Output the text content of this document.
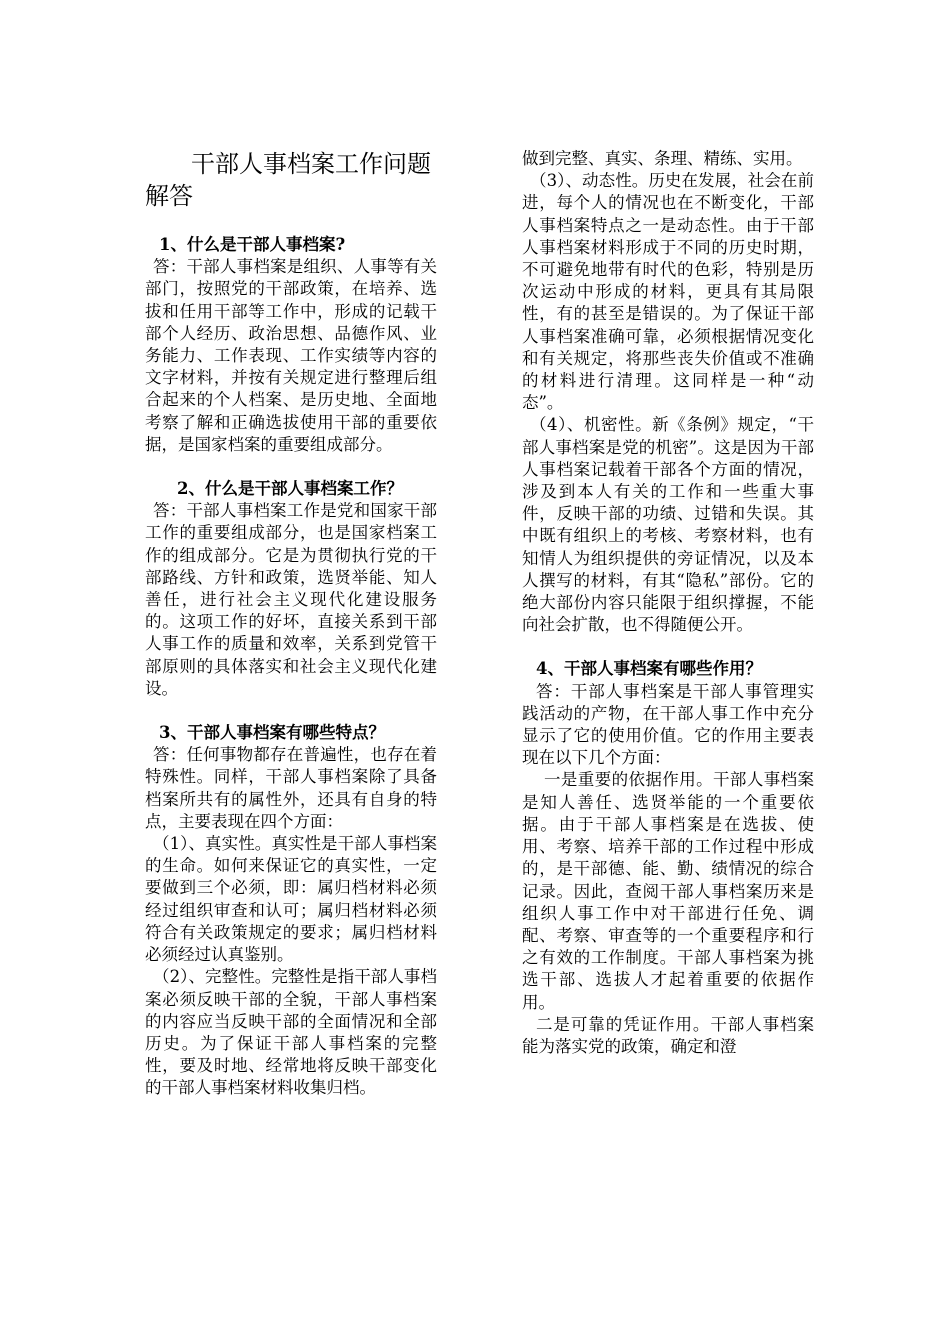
干部人事档案工作问题解答

1、什么是干部人事档案?

答：干部人事档案是组织、人事等有关部门，按照党的干部政策，在培养、选拔和任用干部等工作中，形成的记载干部个人经历、政治思想、品德作风、业务能力、工作表现、工作实绩等内容的文字材料，并按有关规定进行整理后组合起来的个人档案、是历史地、全面地考察了解和正确选拔使用干部的重要依据，是国家档案的重要组成部分。

2、什么是干部人事档案工作？

答：干部人事档案工作是党和国家干部工作的重要组成部分，也是国家档案工作的组成部分。它是为贯彻执行党的干部路线、方针和政策，选贤举能、知人善任，进行社会主义现代化建设服务的。这项工作的好坏，直接关系到干部人事工作的质量和效率，关系到党管干部原则的具体落实和社会主义现代化建设。

3、干部人事档案有哪些特点？

答：任何事物都存在普遍性，也存在着特殊性。同样，干部人事档案除了具备档案所共有的属性外，还具有自身的特点，主要表现在四个方面：

（1）、真实性。真实性是干部人事档案的生命。如何来保证它的真实性，一定要做到三个必须，即：属归档材料必须经过组织审查和认可；属归档材料必须符合有关政策规定的要求；属归档材料必须经过认真鉴别。

（2）、完整性。完整性是指干部人事档案必须反映干部的全貌，干部人事档案的内容应当反映干部的全面情况和全部历史。为了保证干部人事档案的完整性，要及时地、经常地将反映干部变化的干部人事档案材料收集归档。

做到完整、真实、条理、精练、实用。

（3）、动态性。历史在发展，社会在前进，每个人的情况也在不断变化，干部人事档案特点之一是动态性。由于干部人事档案材料形成于不同的历史时期，不可避免地带有时代的色彩，特别是历次运动中形成的材料，更具有其局限性，有的甚至是错误的。为了保证干部人事档案准确可靠，必须根据情况变化和有关规定，将那些丧失价值或不准确的材料进行清理。这同样是一种“动态”。

（4）、机密性。新《条例》规定，“干部人事档案是党的机密”。这是因为干部人事档案记载着干部各个方面的情况，涉及到本人有关的工作和一些重大事件，反映干部的功绩、过错和失误。其中既有组织上的考核、考察材料，也有知情人为组织提供的旁证情况，以及本人撰写的材料，有其“隐私”部份。它的绝大部份内容只能限于组织撑握，不能向社会扩散，也不得随便公开。

4、干部人事档案有哪些作用？

答：干部人事档案是干部人事管理实践活动的产物，在干部人事工作中充分显示了它的使用价值。它的作用主要表现在以下几个方面：

一是重要的依据作用。干部人事档案是知人善任、选贤举能的一个重要依据。由于干部人事档案是在选拔、使用、考察、培养干部的工作过程中形成的，是干部德、能、勤、绩情况的综合记录。因此，查阅干部人事档案历来是组织人事工作中对干部进行任免、调配、考察、审查等的一个重要程序和行之有效的工作制度。干部人事档案为挑选干部、选拔人才起着重要的依据作用。

二是可靠的凭证作用。干部人事档案能为落实党的政策，确定和澄
